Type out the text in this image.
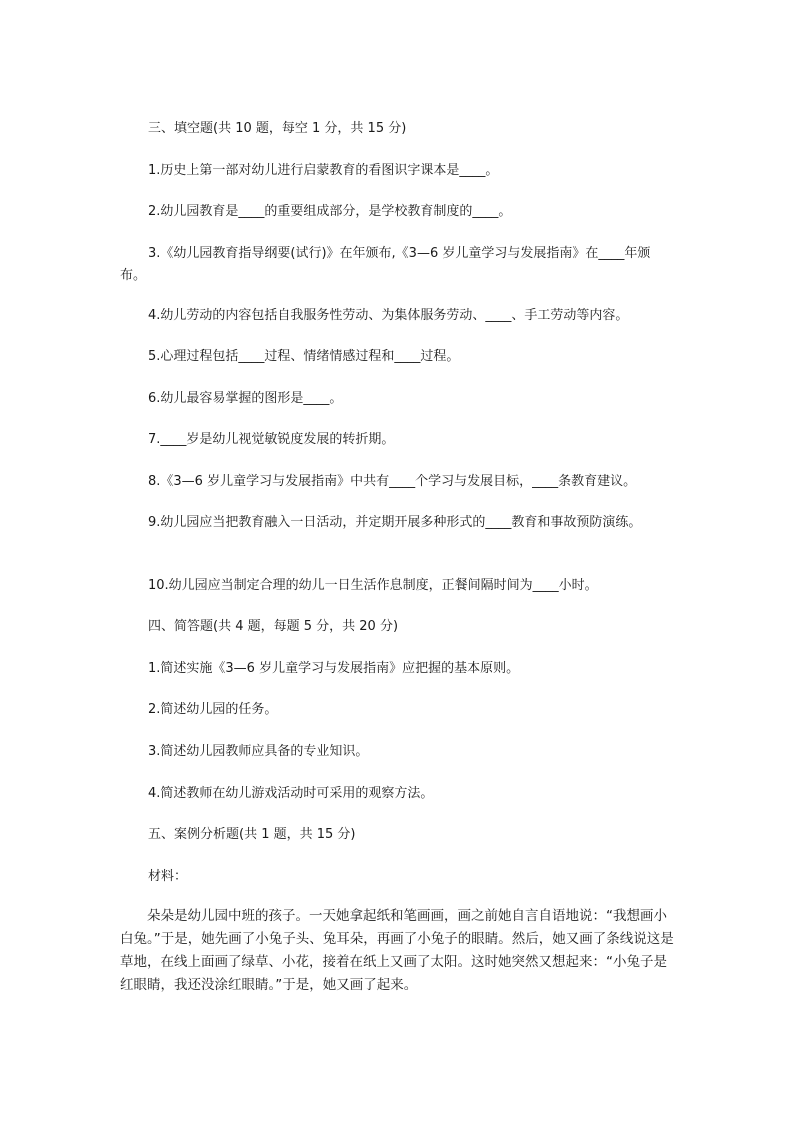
三、填空题(共 10 题，每空 1 分，共 15 分)
1.历史上第一部对幼儿进行启蒙教育的看图识字课本是____。
2.幼儿园教育是____的重要组成部分，是学校教育制度的____。
3.《幼儿园教育指导纲要(试行)》在年颁布,《3—6 岁儿童学习与发展指南》在____年颁布。
4.幼儿劳动的内容包括自我服务性劳动、为集体服务劳动、____、手工劳动等内容。
5.心理过程包括____过程、情绪情感过程和____过程。
6.幼儿最容易掌握的图形是____。
7.____岁是幼儿视觉敏锐度发展的转折期。
8.《3—6 岁儿童学习与发展指南》中共有____个学习与发展目标，____条教育建议。
9.幼儿园应当把教育融入一日活动，并定期开展多种形式的____教育和事故预防演练。
10.幼儿园应当制定合理的幼儿一日生活作息制度，正餐间隔时间为____小时。
四、简答题(共 4 题，每题 5 分，共 20 分)
1.简述实施《3—6 岁儿童学习与发展指南》应把握的基本原则。
2.简述幼儿园的任务。
3.简述幼儿园教师应具备的专业知识。
4.简述教师在幼儿游戏活动时可采用的观察方法。
五、案例分析题(共 1 题，共 15 分)
材料：
朵朵是幼儿园中班的孩子。一天她拿起纸和笔画画，画之前她自言自语地说：“我想画小白兔。”于是，她先画了小兔子头、兔耳朵，再画了小兔子的眼睛。然后，她又画了条线说这是草地，在线上面画了绿草、小花，接着在纸上又画了太阳。这时她突然又想起来：“小兔子是红眼睛，我还没涂红眼睛。”于是，她又画了起来。
